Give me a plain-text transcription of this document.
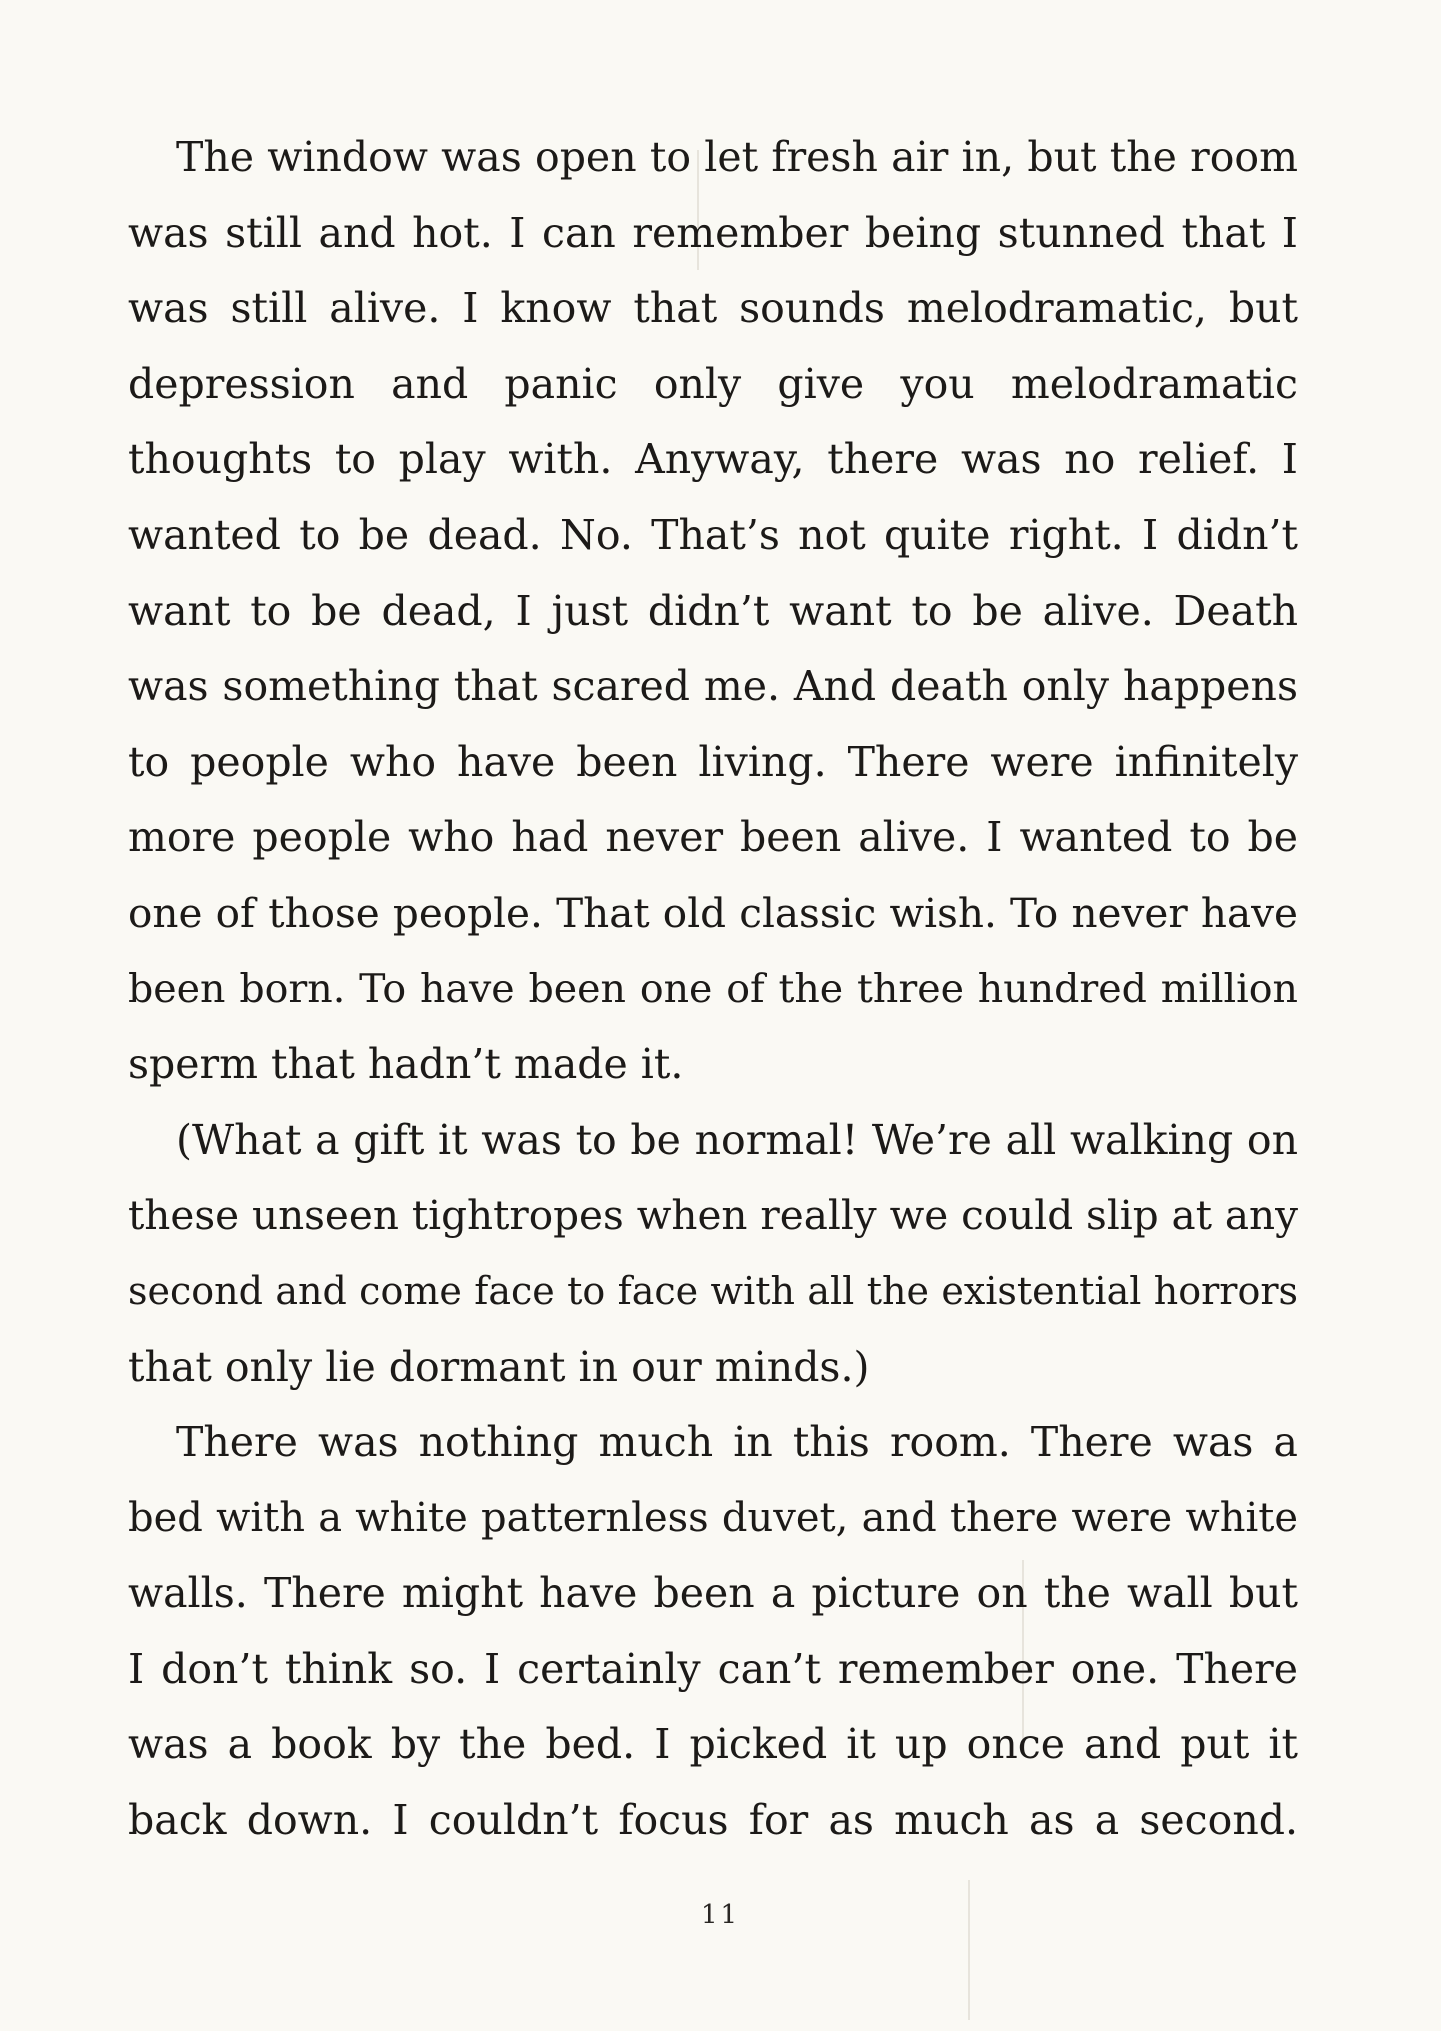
The window was open to let fresh air in, but the room
was still and hot. I can remember being stunned that I
was still alive. I know that sounds melodramatic, but
depression and panic only give you melodramatic
thoughts to play with. Anyway, there was no relief. I
wanted to be dead. No. That’s not quite right. I didn’t
want to be dead, I just didn’t want to be alive. Death
was something that scared me. And death only happens
to people who have been living. There were infinitely
more people who had never been alive. I wanted to be
one of those people. That old classic wish. To never have
been born. To have been one of the three hundred million
sperm that hadn’t made it.
(What a gift it was to be normal! We’re all walking on
these unseen tightropes when really we could slip at any
second and come face to face with all the existential horrors
that only lie dormant in our minds.)
There was nothing much in this room. There was a
bed with a white patternless duvet, and there were white
walls. There might have been a picture on the wall but
I don’t think so. I certainly can’t remember one. There
was a book by the bed. I picked it up once and put it
back down. I couldn’t focus for as much as a second.
11
